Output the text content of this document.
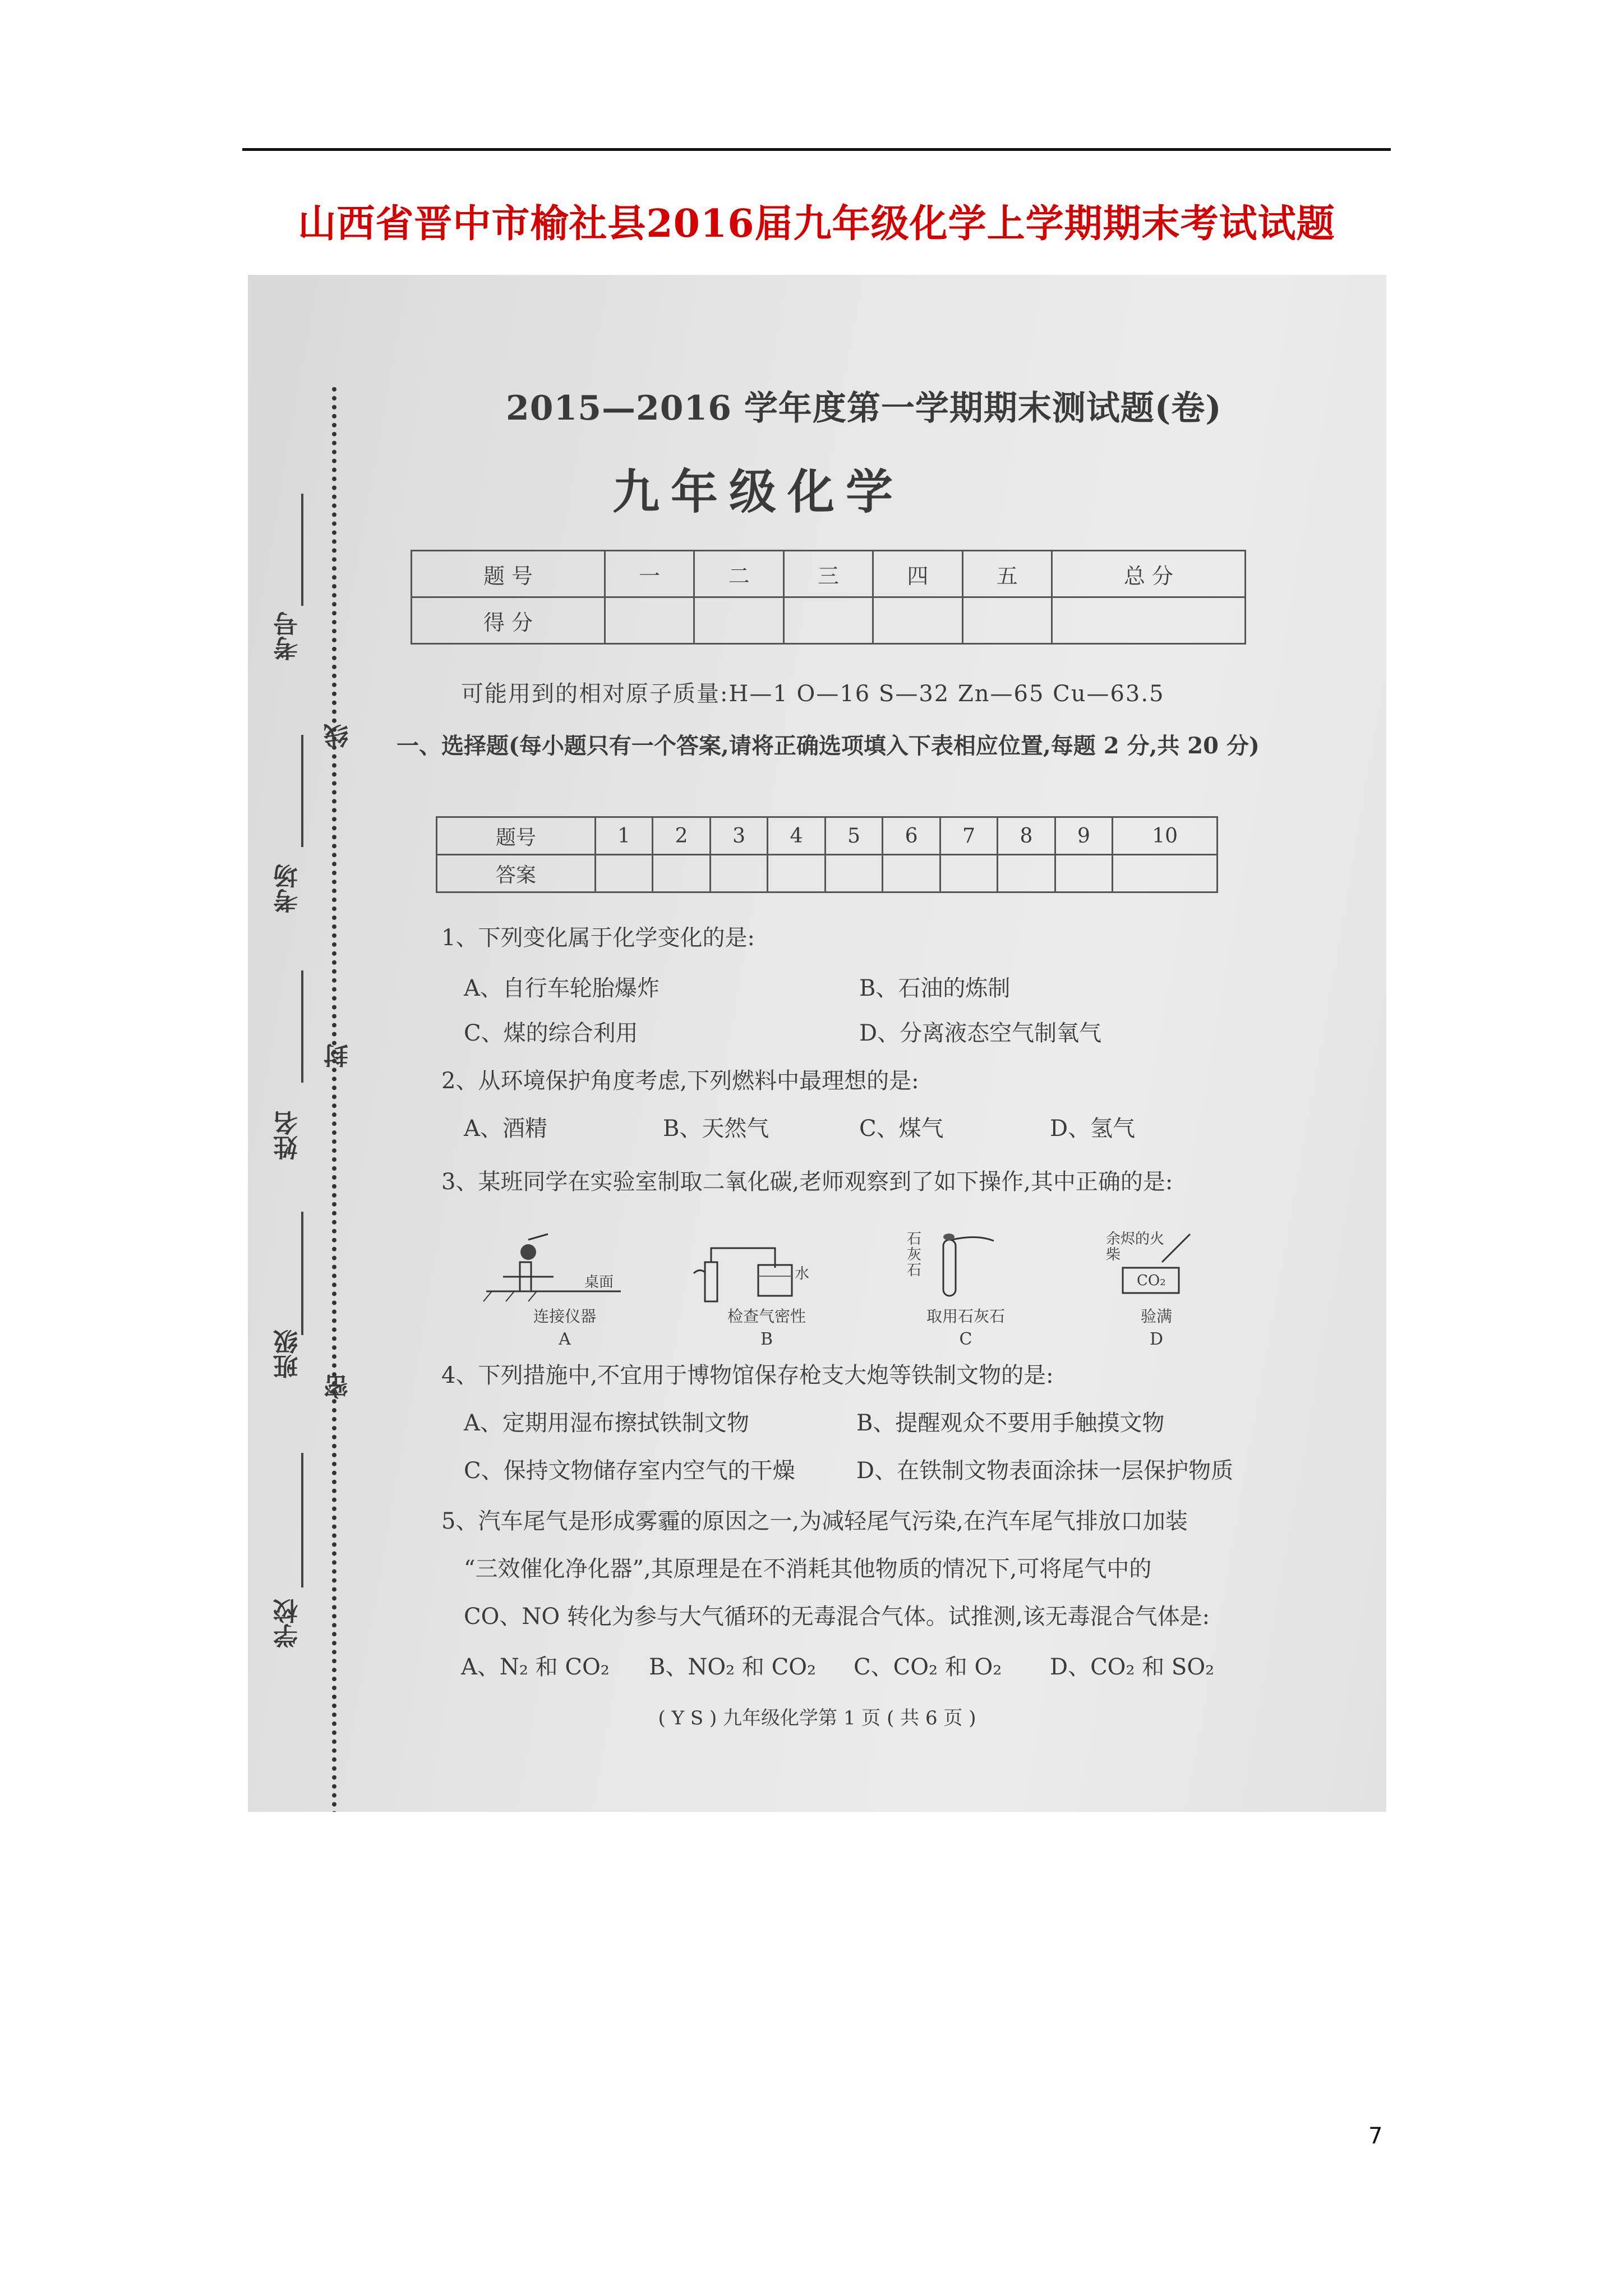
山西省晋中市榆社县2016届九年级化学上学期期末考试试题
考号
线
考场
封
姓名
班级
密
学校
2015—2016 学年度第一学期期末测试题(卷)
九年级化学
题 号	一	二	三	四	五	总 分
得 分						
可能用到的相对原子质量:H—1 O—16 S—32 Zn—65 Cu—63.5
一、选择题(每小题只有一个答案,请将正确选项填入下表相应位置,每题 2 分,共 20 分)
题号	1	2	3	4	5	6	7	8	9	10
答案										
1、下列变化属于化学变化的是:
A、自行车轮胎爆炸	B、石油的炼制
C、煤的综合利用	D、分离液态空气制氧气
2、从环境保护角度考虑,下列燃料中最理想的是:
A、酒精	B、天然气	C、煤气	D、氢气
3、某班同学在实验室制取二氧化碳,老师观察到了如下操作,其中正确的是:
桌面
连接仪器
A
水
检查气密性
B
石灰石
取用石灰石
C
余烬的火柴
CO₂
验满
D
4、下列措施中,不宜用于博物馆保存枪支大炮等铁制文物的是:
A、定期用湿布擦拭铁制文物	B、提醒观众不要用手触摸文物
C、保持文物储存室内空气的干燥	D、在铁制文物表面涂抹一层保护物质
5、汽车尾气是形成雾霾的原因之一,为减轻尾气污染,在汽车尾气排放口加装
“三效催化净化器”,其原理是在不消耗其他物质的情况下,可将尾气中的
CO、NO 转化为参与大气循环的无毒混合气体。试推测,该无毒混合气体是:
A、N₂ 和 CO₂ B、NO₂ 和 CO₂ C、CO₂ 和 O₂ D、CO₂ 和 SO₂
( Y S ) 九年级化学第 1 页 ( 共 6 页 )
7
